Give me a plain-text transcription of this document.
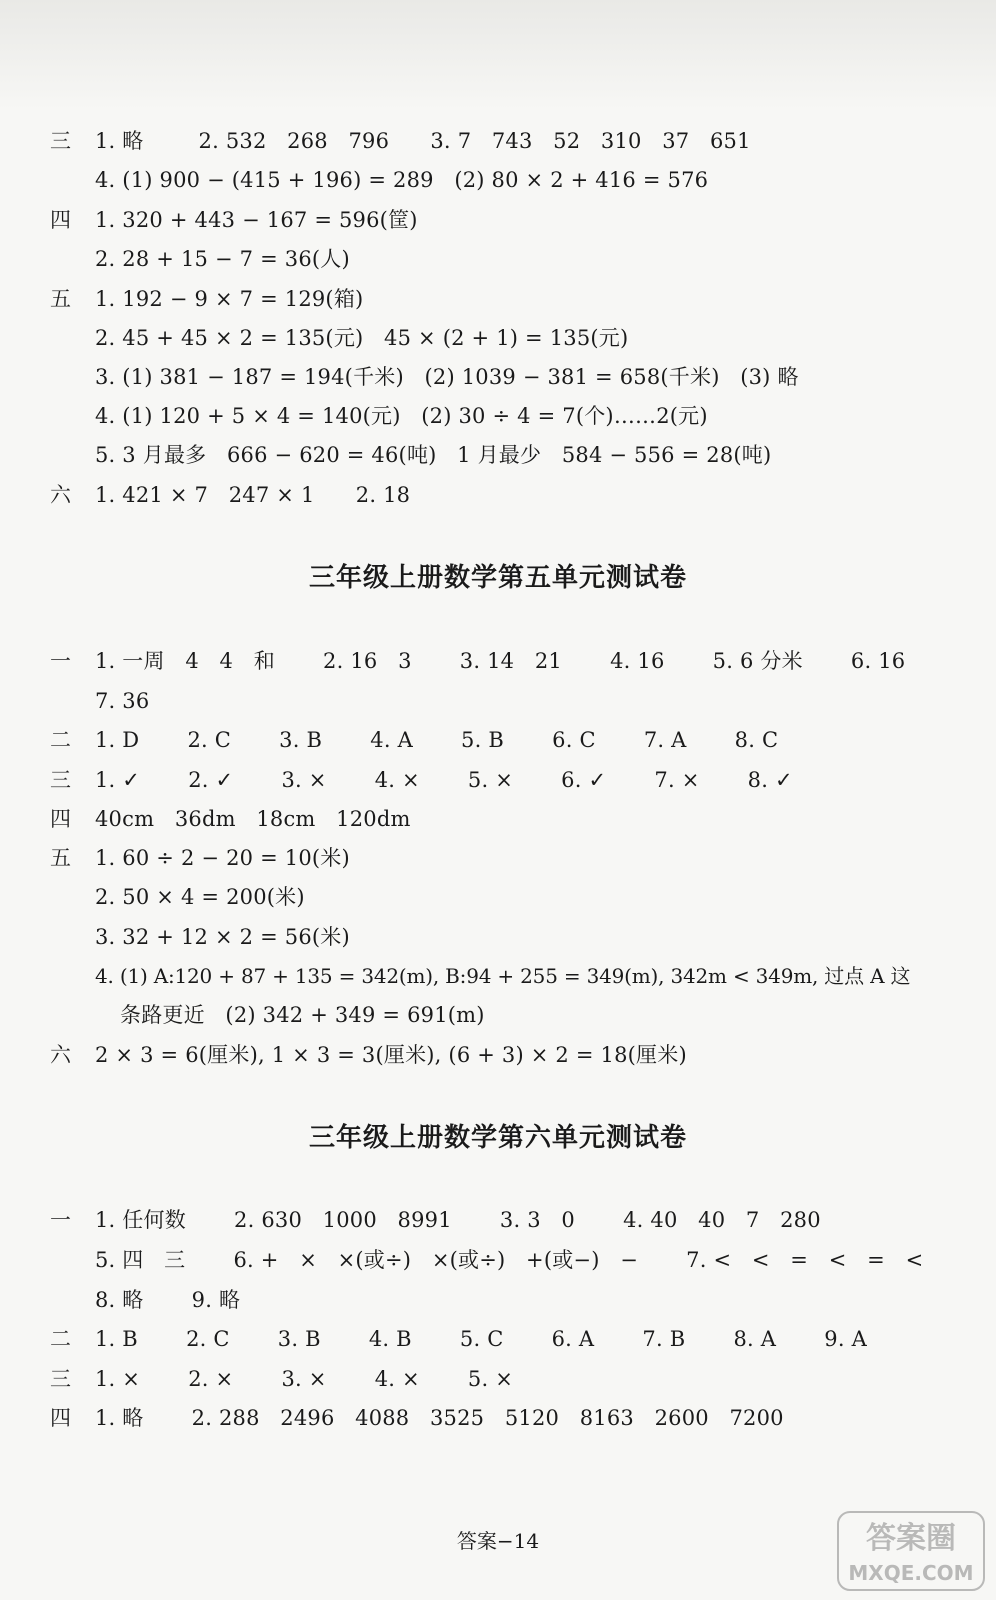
三 1. 略        2. 532   268   796      3. 7   743   52   310   37   651
4. (1) 900 − (415 + 196) = 289   (2) 80 × 2 + 416 = 576
四 1. 320 + 443 − 167 = 596(筐)
2. 28 + 15 − 7 = 36(人)
五 1. 192 − 9 × 7 = 129(箱)
2. 45 + 45 × 2 = 135(元)   45 × (2 + 1) = 135(元)
3. (1) 381 − 187 = 194(千米)   (2) 1039 − 381 = 658(千米)   (3) 略
4. (1) 120 + 5 × 4 = 140(元)   (2) 30 ÷ 4 = 7(个)……2(元)
5. 3 月最多   666 − 620 = 46(吨)   1 月最少   584 − 556 = 28(吨)
六 1. 421 × 7   247 × 1      2. 18
三年级上册数学第五单元测试卷
一 1. 一周   4   4   和       2. 16   3       3. 14   21       4. 16       5. 6 分米       6. 16
7. 36
二 1. D       2. C       3. B       4. A       5. B       6. C       7. A       8. C
三 1. ✓       2. ✓       3. ×       4. ×       5. ×       6. ✓       7. ×       8. ✓
四 40cm   36dm   18cm   120dm
五 1. 60 ÷ 2 − 20 = 10(米)
2. 50 × 4 = 200(米)
3. 32 + 12 × 2 = 56(米)
4. (1) A:120 + 87 + 135 = 342(m), B:94 + 255 = 349(m), 342m < 349m, 过点 A 这
条路更近   (2) 342 + 349 = 691(m)
六 2 × 3 = 6(厘米), 1 × 3 = 3(厘米), (6 + 3) × 2 = 18(厘米)
三年级上册数学第六单元测试卷
一 1. 任何数       2. 630   1000   8991       3. 3   0       4. 40   40   7   280
5. 四   三       6. +   ×   ×(或÷)   ×(或÷)   +(或−)   −       7. <   <   =   <   =   <
8. 略       9. 略
二 1. B       2. C       3. B       4. B       5. C       6. A       7. B       8. A       9. A
三 1. ×       2. ×       3. ×       4. ×       5. ×
四 1. 略       2. 288   2496   4088   3525   5120   8163   2600   7200
答案−14	答案圈
MXQE.COM
